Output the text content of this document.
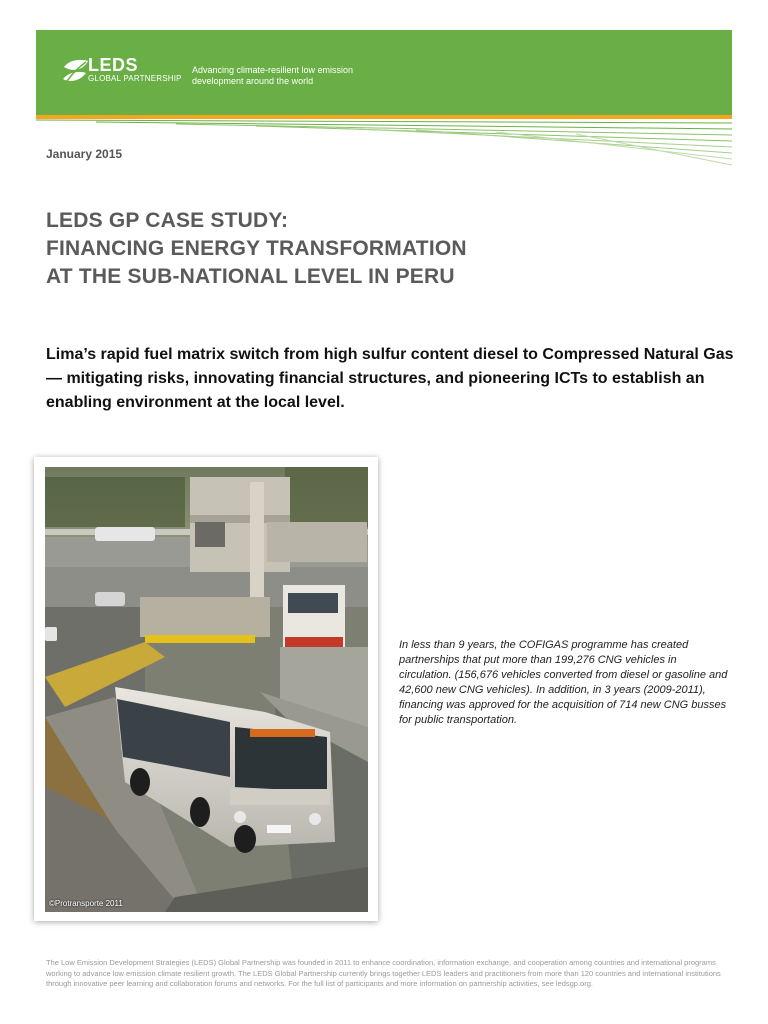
LEDS
GLOBAL PARTNERSHIP
Advancing climate-resilient low emission
development around the world
January 2015
LEDS GP CASE STUDY:
FINANCING ENERGY TRANSFORMATION
AT THE SUB-NATIONAL LEVEL IN PERU
Lima’s rapid fuel matrix switch from high sulfur content diesel to Compressed Natural Gas— mitigating risks, innovating financial structures, and pioneering ICTs to establish an enabling environment at the local level.
©Protransporte 2011
In less than 9 years, the COFIGAS programme has created partnerships that put more than 199,276 CNG vehicles in circulation. (156,676 vehicles converted from diesel or gasoline and 42,600 new CNG vehicles). In addition, in 3 years (2009-2011), financing was approved for the acquisition of 714 new CNG busses for public transportation.
The Low Emission Development Strategies (LEDS) Global Partnership was founded in 2011 to enhance coordination, information exchange, and cooperation among countries and international programs working to advance low emission climate resilient growth. The LEDS Global Partnership currently brings together LEDS leaders and practitioners from more than 120 countries and international institutions through innovative peer learning and collaboration forums and networks. For the full list of participants and more information on partnership activities, see ledsgp.org.
